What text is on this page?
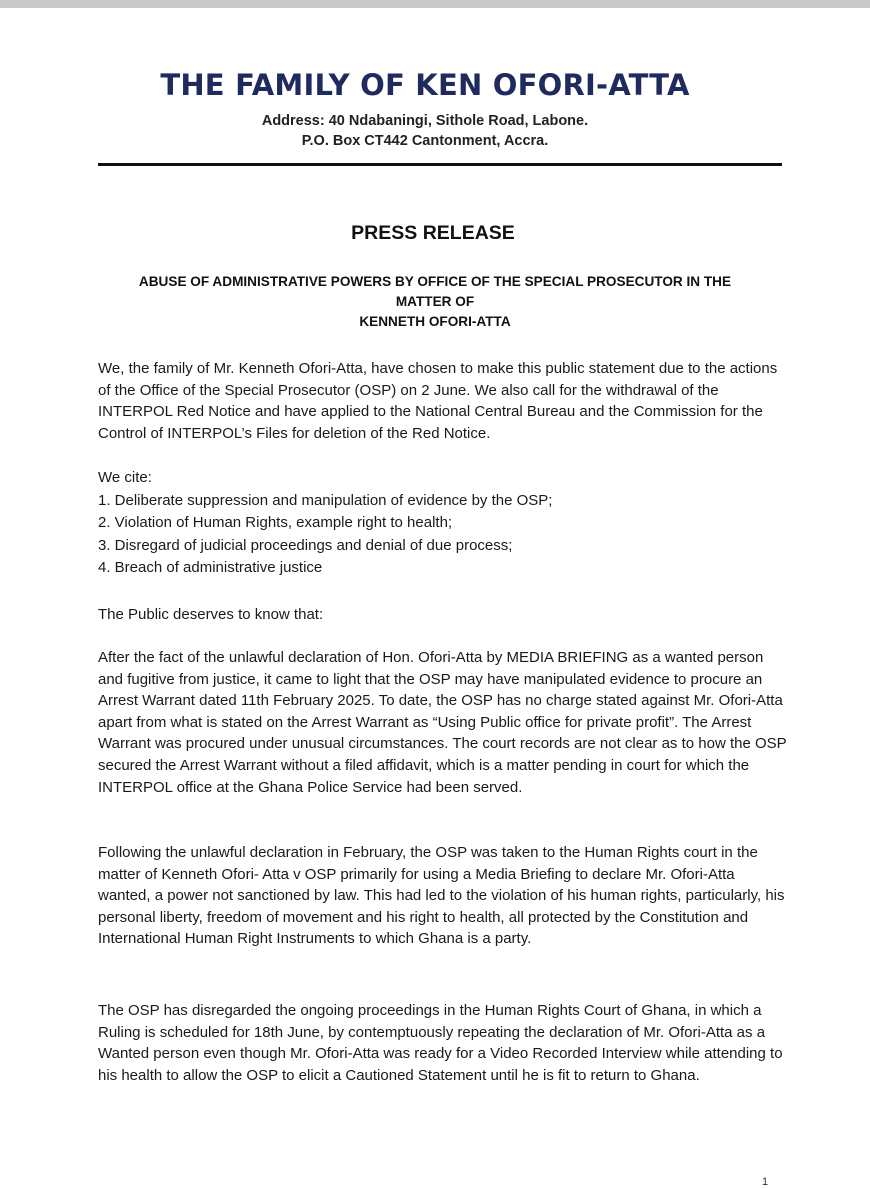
THE FAMILY OF KEN OFORI-ATTA
Address: 40 Ndabaningi, Sithole Road, Labone.
P.O. Box CT442 Cantonment, Accra.
PRESS RELEASE
ABUSE OF ADMINISTRATIVE POWERS BY OFFICE OF THE SPECIAL PROSECUTOR IN THE
MATTER OF
KENNETH OFORI-ATTA
We, the family of Mr. Kenneth Ofori-Atta, have chosen to make this public statement due to the actions of the Office of the Special Prosecutor (OSP) on 2 June. We also call for the withdrawal of the INTERPOL Red Notice and have applied to the National Central Bureau and the Commission for the Control of INTERPOL’s Files for deletion of the Red Notice.
We cite:
1. Deliberate suppression and manipulation of evidence by the OSP;
2. Violation of Human Rights, example right to health;
3. Disregard of judicial proceedings and denial of due process;
4. Breach of administrative justice
The Public deserves to know that:
After the fact of the unlawful declaration of Hon. Ofori-Atta by MEDIA BRIEFING as a wanted person and fugitive from justice, it came to light that the OSP may have manipulated evidence to procure an Arrest Warrant dated 11th February 2025. To date, the OSP has no charge stated against Mr. Ofori-Atta apart from what is stated on the Arrest Warrant as “Using Public office for private profit”. The Arrest Warrant was procured under unusual circumstances. The court records are not clear as to how the OSP secured the Arrest Warrant without a filed affidavit, which is a matter pending in court for which the INTERPOL office at the Ghana Police Service had been served.
Following the unlawful declaration in February, the OSP was taken to the Human Rights court in the matter of Kenneth Ofori- Atta v OSP primarily for using a Media Briefing to declare Mr. Ofori-Atta wanted, a power not sanctioned by law. This had led to the violation of his human rights, particularly, his personal liberty, freedom of movement and his right to health, all protected by the Constitution and International Human Right Instruments to which Ghana is a party.
The OSP has disregarded the ongoing proceedings in the Human Rights Court of Ghana, in which a Ruling is scheduled for 18th June, by contemptuously repeating the declaration of Mr. Ofori-Atta as a Wanted person even though Mr. Ofori-Atta was ready for a Video Recorded Interview while attending to his health to allow the OSP to elicit a Cautioned Statement until he is fit to return to Ghana.
1
